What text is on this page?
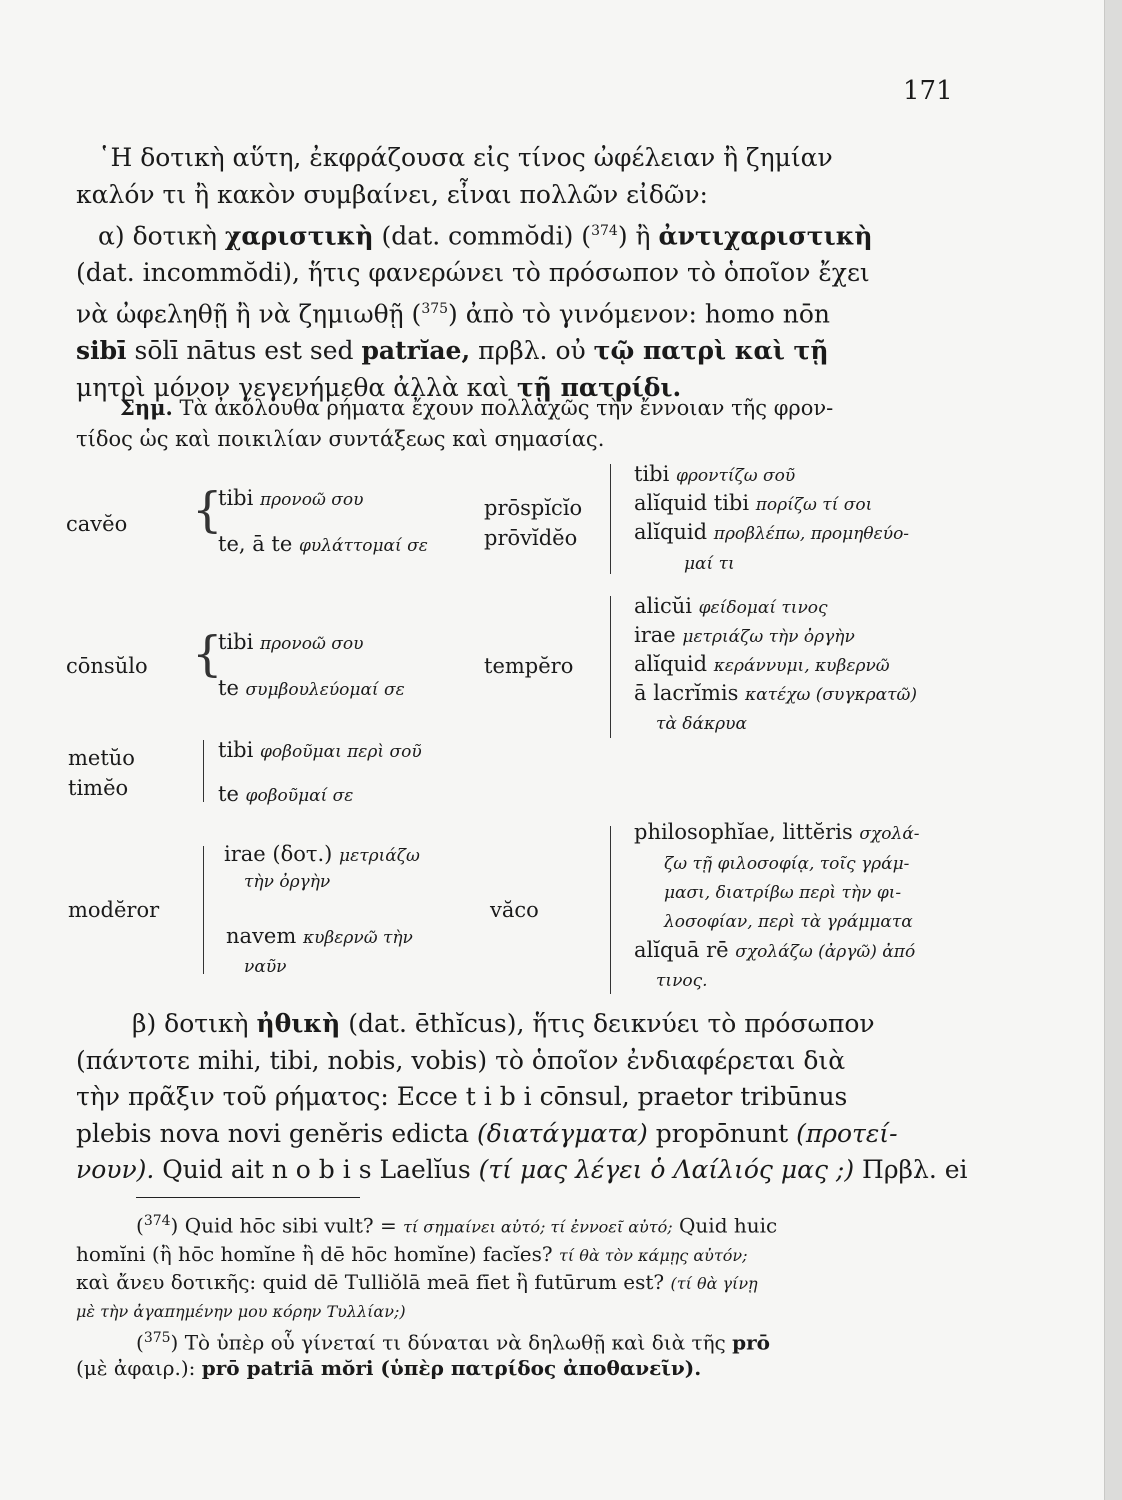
171
῾Η δοτικὴ αὕτη, ἐκφράζουσα εἰς τίνος ὠφέλειαν ἢ ζημίαν
καλόν τι ἢ κακὸν συμβαίνει, εἶναι πολλῶν εἰδῶν:
α) δοτικὴ χαριστικὴ (dat. commŏdi) ($^{374}$) ἢ ἀντιχαριστικὴ
(dat. incommŏdi), ἥτις φανερώνει τὸ πρόσωπον τὸ ὁποῖον ἔχει
νὰ ὠφεληθῇ ἢ νὰ ζημιωθῇ ($^{375}$) ἀπὸ τὸ γινόμενον: homo nōn
sibī sōlī nātus est sed patrĭae, πρβλ. οὐ τῷ πατρὶ καὶ τῇ
μητρὶ μόνον γεγενήμεθα ἀλλὰ καὶ τῇ πατρίδι.
Σημ. Τὰ ἀκόλουθα ρήματα ἔχουν πολλαχῶς τὴν ἔννοιαν τῆς φρον-
τίδος ὡς καὶ ποικιλίαν συντάξεως καὶ σημασίας.
cavĕo {
tibi προνοῶ σου
te, ā te φυλάττομαί σε
prōspĭcĭo
prōvĭdĕo
tibi φροντίζω σοῦ
alĭquid tibi πορίζω τί σοι
alĭquid προβλέπω, προμηθεύο-
μαί τι
cōnsŭlo {
tibi προνοῶ σου
te συμβουλεύομαί σε
tempĕro
alicŭi φείδομαί τινος
irae μετριάζω τὴν ὀργὴν
alĭquid κεράννυμι, κυβερνῶ
ā lacrĭmis κατέχω (συγκρατῶ)
τὰ δάκρυα
metŭo
timĕo
tibi φοβοῦμαι περὶ σοῦ
te φοβοῦμαί σε
modĕror
irae (δοτ.) μετριάζω
τὴν ὀργὴν
navem κυβερνῶ τὴν
ναῦν
văco
philosophĭae, littĕris σχολά-
ζω τῇ φιλοσοφίᾳ, τοῖς γράμ-
μασι, διατρίβω περὶ τὴν φι-
λοσοφίαν, περὶ τὰ γράμματα
alĭquā rē σχολάζω (ἀργῶ) ἀπό
τινος.
β) δοτικὴ ἠθικὴ (dat. ēthĭcus), ἥτις δεικνύει τὸ πρόσωπον
(πάντοτε mihi, tibi, nobis, vobis) τὸ ὁποῖον ἐνδιαφέρεται διὰ
τὴν πρᾶξιν τοῦ ρήματος: Ecce t i b i cōnsul, praetor tribūnus
plebis nova novi genĕris edicta (διατάγματα) propōnunt (προτεί-
νουν). Quid ait n o b i s Laelĭus (τί μας λέγει ὁ Λαίλιός μας ;) Πρβλ. ei
($^{374}$) Quid hōc sibi vult? = τί σημαίνει αὐτό; τί ἐννοεῖ αὐτό; Quid huic
homĭni (ἢ hōc homĭne ἢ dē hōc homĭne) facĭes? τί θὰ τὸν κάμῃς αὐτόν;
καὶ ἄνευ δοτικῆς: quid dē Tulliŏlā meā fīet ἢ futūrum est? (τί θὰ γίνῃ
μὲ τὴν ἀγαπημένην μου κόρην Τυλλίαν;)
($^{375}$) Τὸ ὑπὲρ οὗ γίνεταί τι δύναται νὰ δηλωθῇ καὶ διὰ τῆς prō
(μὲ ἀφαιρ.): prō patriā mŏri (ὑπὲρ πατρίδος ἀποθανεῖν).
